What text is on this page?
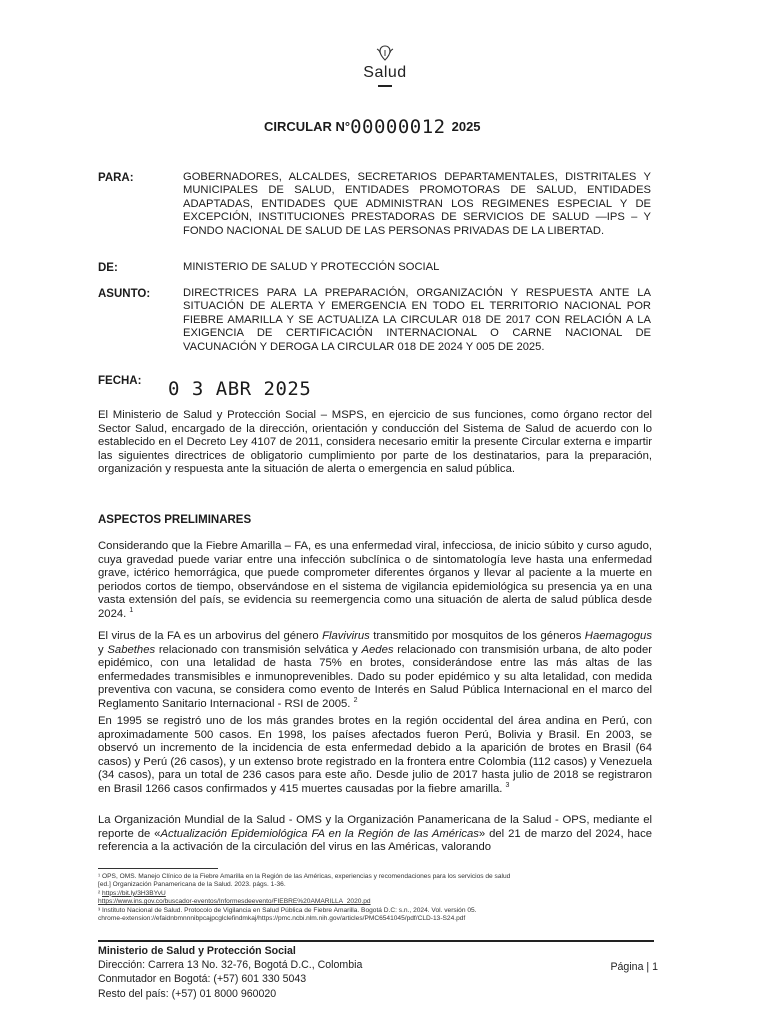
Salud
CIRCULAR N°00000012 2025
PARA:	GOBERNADORES, ALCALDES, SECRETARIOS DEPARTAMENTALES, DISTRITALES Y MUNICIPALES DE SALUD, ENTIDADES PROMOTORAS DE SALUD, ENTIDADES ADAPTADAS, ENTIDADES QUE ADMINISTRAN LOS REGIMENES ESPECIAL Y DE EXCEPCIÓN, INSTITUCIONES PRESTADORAS DE SERVICIOS DE SALUD —IPS – Y FONDO NACIONAL DE SALUD DE LAS PERSONAS PRIVADAS DE LA LIBERTAD.
DE:	MINISTERIO DE SALUD Y PROTECCIÓN SOCIAL
ASUNTO:	DIRECTRICES PARA LA PREPARACIÓN, ORGANIZACIÓN Y RESPUESTA ANTE LA SITUACIÓN DE ALERTA Y EMERGENCIA EN TODO EL TERRITORIO NACIONAL POR FIEBRE AMARILLA Y SE ACTUALIZA LA CIRCULAR 018 DE 2017 CON RELACIÓN A LA EXIGENCIA DE CERTIFICACIÓN INTERNACIONAL O CARNE NACIONAL DE VACUNACIÓN Y DEROGA LA CIRCULAR 018 DE 2024 Y 005 DE 2025.
FECHA: 0 3 ABR 2025
El Ministerio de Salud y Protección Social – MSPS, en ejercicio de sus funciones, como órgano rector del Sector Salud, encargado de la dirección, orientación y conducción del Sistema de Salud de acuerdo con lo establecido en el Decreto Ley 4107 de 2011, considera necesario emitir la presente Circular externa e impartir las siguientes directrices de obligatorio cumplimiento por parte de los destinatarios, para la preparación, organización y respuesta ante la situación de alerta o emergencia en salud pública.
ASPECTOS PRELIMINARES
Considerando que la Fiebre Amarilla – FA, es una enfermedad viral, infecciosa, de inicio súbito y curso agudo, cuya gravedad puede variar entre una infección subclínica o de sintomatología leve hasta una enfermedad grave, ictérico hemorrágica, que puede comprometer diferentes órganos y llevar al paciente a la muerte en periodos cortos de tiempo, observándose en el sistema de vigilancia epidemiológica su presencia ya en una vasta extensión del país, se evidencia su reemergencia como una situación de alerta de salud pública desde 2024. $^1$
El virus de la FA es un arbovirus del género Flavivirus transmitido por mosquitos de los géneros Haemagogus y Sabethes relacionado con transmisión selvática y Aedes relacionado con transmisión urbana, de alto poder epidémico, con una letalidad de hasta 75% en brotes, considerándose entre las más altas de las enfermedades transmisibles e inmunoprevenibles. Dado su poder epidémico y su alta letalidad, con medida preventiva con vacuna, se considera como evento de Interés en Salud Pública Internacional en el marco del Reglamento Sanitario Internacional - RSI de 2005. $^2$
En 1995 se registró uno de los más grandes brotes en la región occidental del área andina en Perú, con aproximadamente 500 casos. En 1998, los países afectados fueron Perú, Bolivia y Brasil. En 2003, se observó un incremento de la incidencia de esta enfermedad debido a la aparición de brotes en Brasil (64 casos) y Perú (26 casos), y un extenso brote registrado en la frontera entre Colombia (112 casos) y Venezuela (34 casos), para un total de 236 casos para este año. Desde julio de 2017 hasta julio de 2018 se registraron en Brasil 1266 casos confirmados y 415 muertes causadas por la fiebre amarilla. $^3$
La Organización Mundial de la Salud - OMS y la Organización Panamericana de la Salud - OPS, mediante el reporte de «Actualización Epidemiológica FA en la Región de las Américas» del 21 de marzo del 2024, hace referencia a la activación de la circulación del virus en las Américas, valorando
¹ OPS, OMS. Manejo Clínico de la Fiebre Amarilla en la Región de las Américas, experiencias y recomendaciones para los servicios de salud
[ed.] Organización Panamericana de la Salud. 2023. págs. 1-36.
² https://bit.ly/3H3BYvU
https://www.ins.gov.co/buscador-eventos/Informesdeevento/FIEBRE%20AMARILLA_2020.pd
³ Instituto Nacional de Salud. Protocolo de Vigilancia en Salud Pública de Fiebre Amarilla. Bogotá D.C: s.n., 2024. Vol. versión 05.
chrome-extension://efaidnbmnnnibpcajpcglclefindmkaj/https://pmc.ncbi.nlm.nih.gov/articles/PMC6541045/pdf/CLD-13-S24.pdf
Ministerio de Salud y Protección Social
Dirección: Carrera 13 No. 32-76, Bogotá D.C., Colombia
Conmutador en Bogotá: (+57) 601 330 5043
Resto del país: (+57) 01 8000 960020
Página | 1
